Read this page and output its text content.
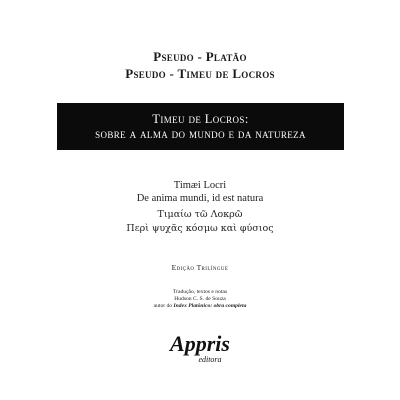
Pseudo - Platão
Pseudo - Timeu de Locros
Timeu de Locros:
sobre a alma do mundo e da natureza
Timæi Locri
De anima mundi, id est natura
Τιμαίω τῶ Λοκρῶ
Περὶ ψυχᾶς κόσμω καὶ φύσιος
Edição Trilíngue
Tradução, textos e notas
Hudson C. S. de Souza
autor do Index Platônico: obra completa
Appris
editora
